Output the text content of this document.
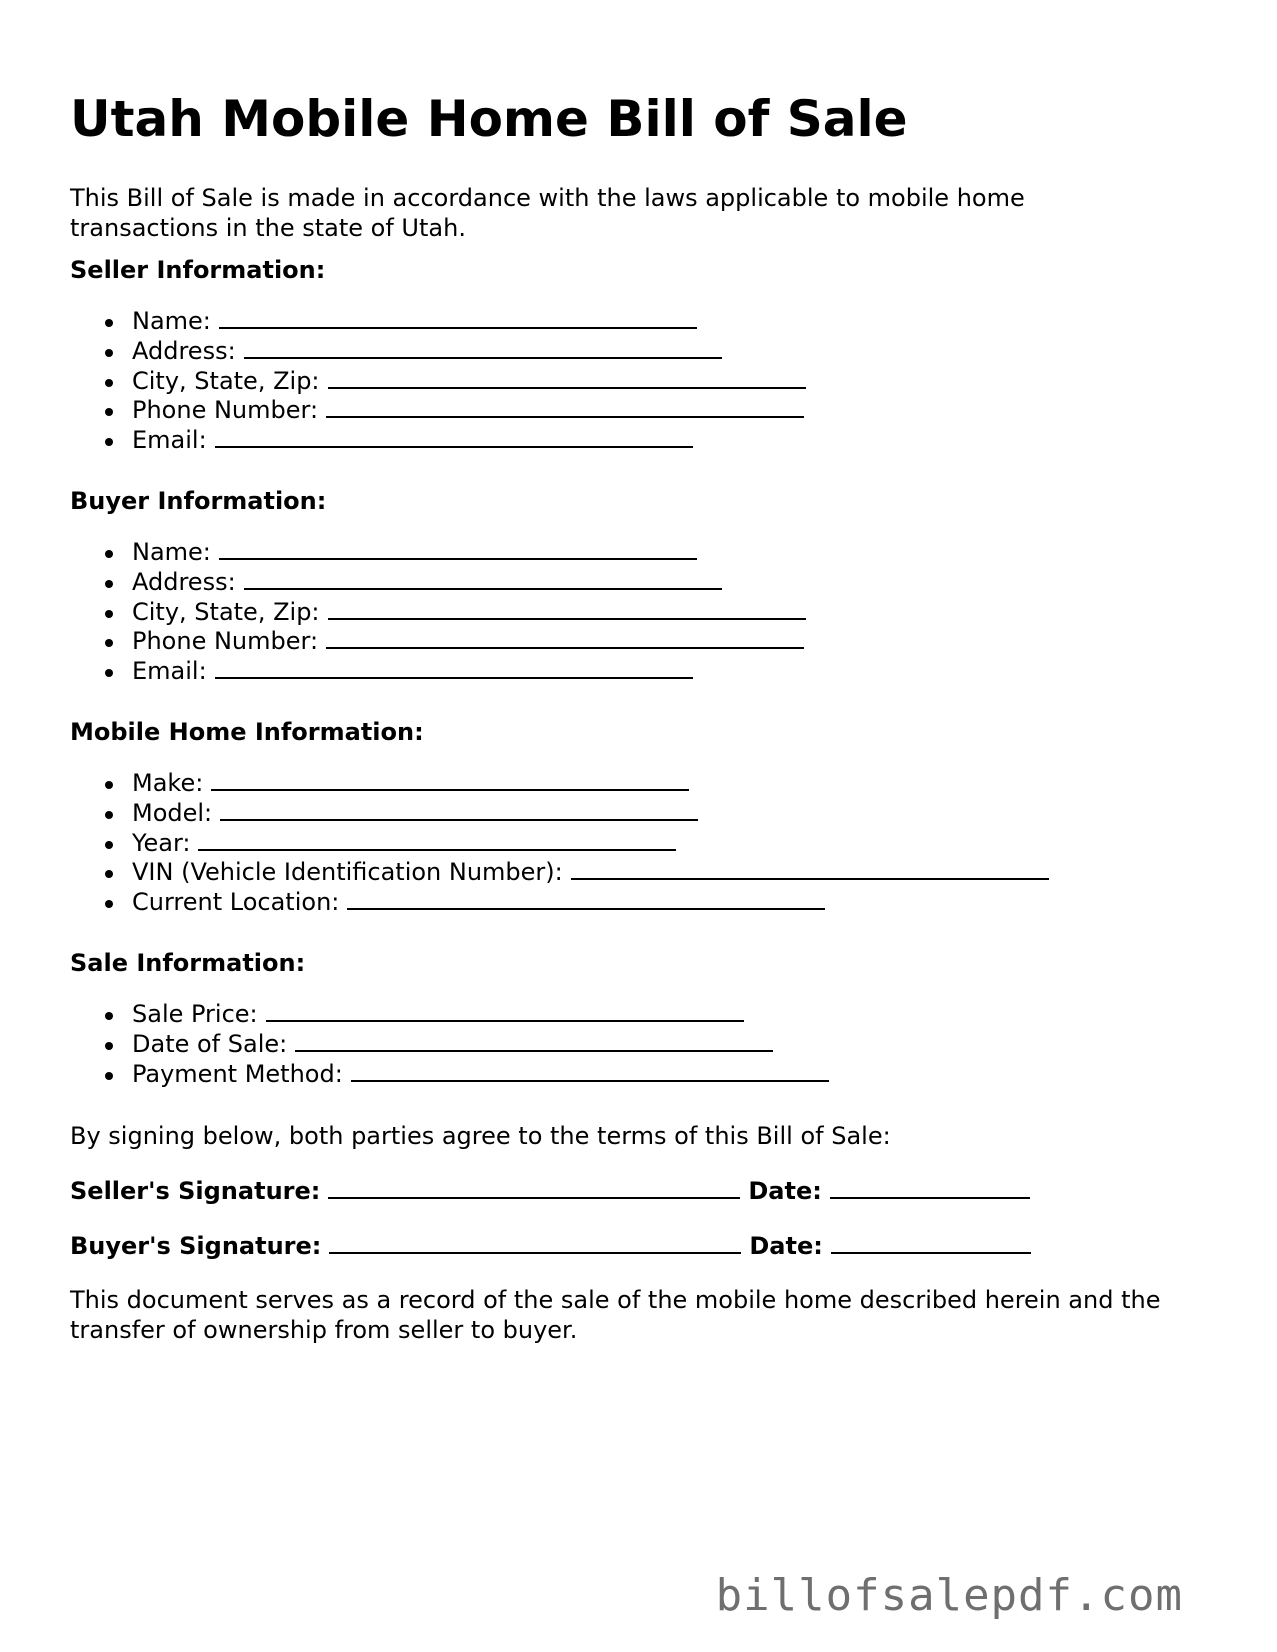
Utah Mobile Home Bill of Sale

This Bill of Sale is made in accordance with the laws applicable to mobile home transactions in the state of Utah.

Seller Information:

Name:
Address:
City, State, Zip:
Phone Number:
Email:

Buyer Information:

Name:
Address:
City, State, Zip:
Phone Number:
Email:

Mobile Home Information:

Make:
Model:
Year:
VIN (Vehicle Identification Number):
Current Location:

Sale Information:

Sale Price:
Date of Sale:
Payment Method:

By signing below, both parties agree to the terms of this Bill of Sale:

Seller's Signature:	Date:

Buyer's Signature:	Date:

This document serves as a record of the sale of the mobile home described herein and the transfer of ownership from seller to buyer.

billofsalepdf.com
